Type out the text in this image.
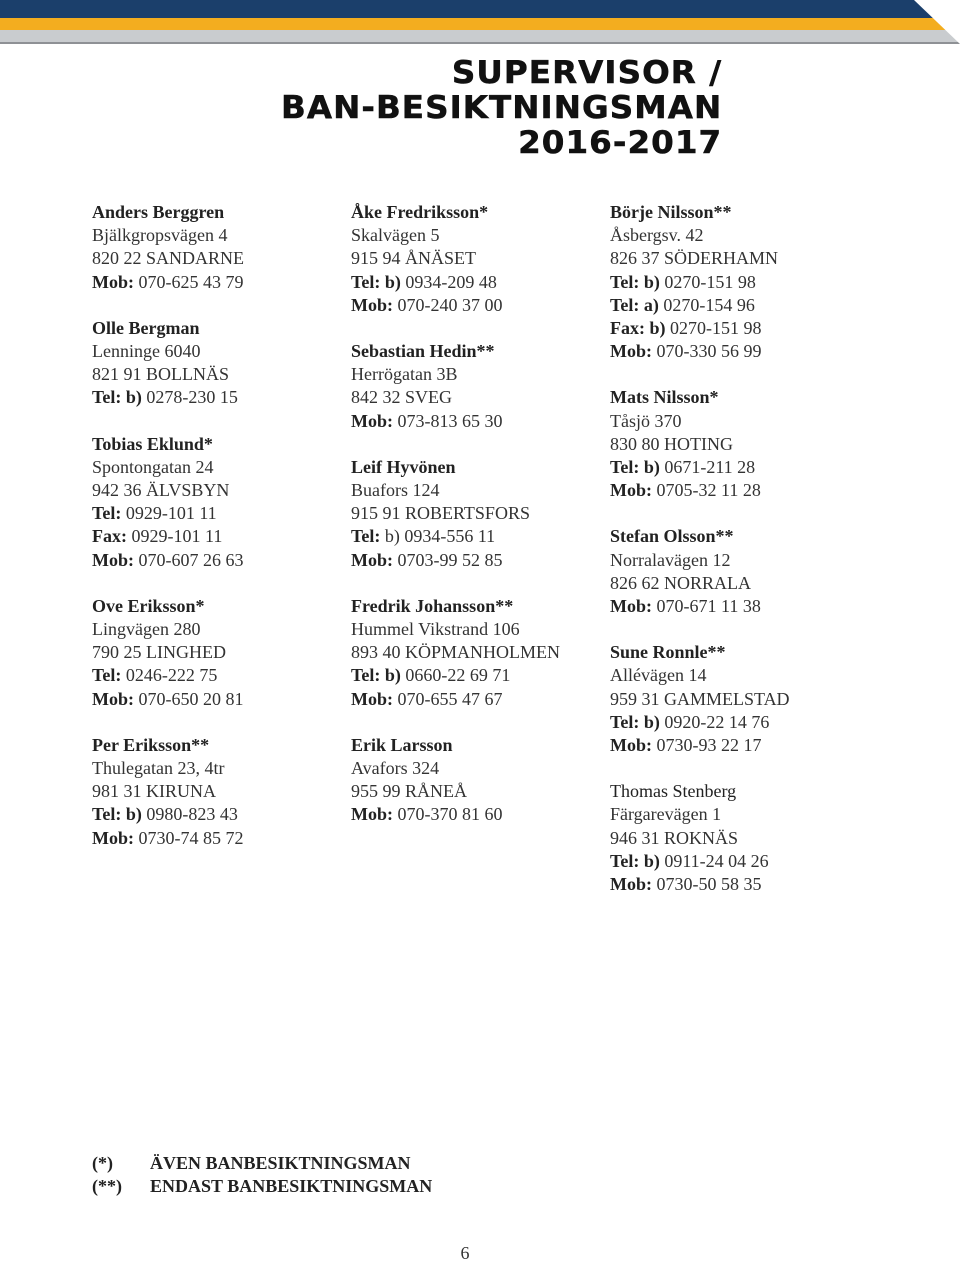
SUPERVISOR /
BAN-BESIKTNINGSMAN
2016-2017
Anders Berggren
Bjälkgropsvägen 4
820 22 SANDARNE
Mob: 070-625 43 79
Olle Bergman
Lenninge 6040
821 91 BOLLNÄS
Tel: b) 0278-230 15
Tobias Eklund*
Spontongatan 24
942 36 ÄLVSBYN
Tel: 0929-101 11
Fax: 0929-101 11
Mob: 070-607 26 63
Ove Eriksson*
Lingvägen 280
790 25 LINGHED
Tel: 0246-222 75
Mob: 070-650 20 81
Per Eriksson**
Thulegatan 23, 4tr
981 31 KIRUNA
Tel: b) 0980-823 43
Mob: 0730-74 85 72
Åke Fredriksson*
Skalvägen 5
915 94 ÅNÄSET
Tel: b) 0934-209 48
Mob: 070-240 37 00
Sebastian Hedin**
Herrögatan 3B
842 32 SVEG
Mob: 073-813 65 30
Leif Hyvönen
Buafors 124
915 91 ROBERTSFORS
Tel: b) 0934-556 11
Mob: 0703-99 52 85
Fredrik Johansson**
Hummel Vikstrand 106
893 40 KÖPMANHOLMEN
Tel: b) 0660-22 69 71
Mob: 070-655 47 67
Erik Larsson
Avafors 324
955 99 RÅNEÅ
Mob: 070-370 81 60
Börje Nilsson**
Åsbergsv. 42
826 37 SÖDERHAMN
Tel: b) 0270-151 98
Tel: a) 0270-154 96
Fax: b) 0270-151 98
Mob: 070-330 56 99
Mats Nilsson*
Tåsjö 370
830 80 HOTING
Tel: b) 0671-211 28
Mob: 0705-32 11 28
Stefan Olsson**
Norralavägen 12
826 62 NORRALA
Mob: 070-671 11 38
Sune Ronnle**
Allévägen 14
959 31 GAMMELSTAD
Tel: b) 0920-22 14 76
Mob: 0730-93 22 17
Thomas Stenberg
Färgarevägen 1
946 31 ROKNÄS
Tel: b) 0911-24 04 26
Mob: 0730-50 58 35
(*) ÄVEN BANBESIKTNINGSMAN
(**) ENDAST BANBESIKTNINGSMAN
6
